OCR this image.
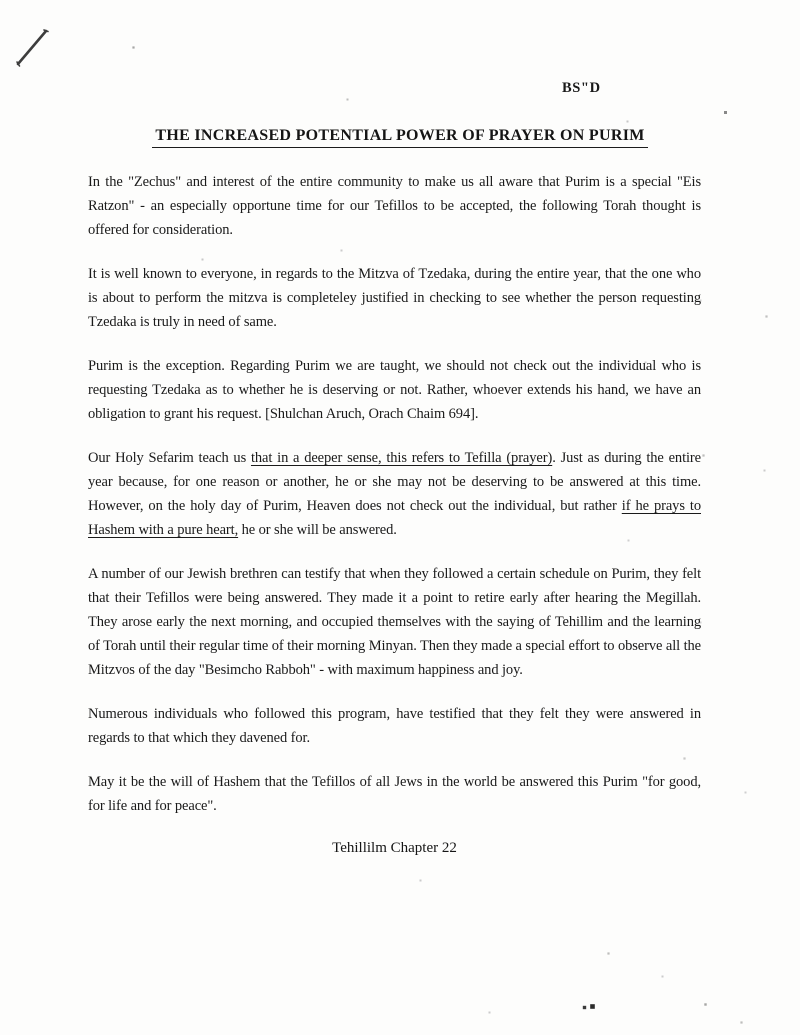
BS"D
THE INCREASED POTENTIAL POWER OF PRAYER ON PURIM

In the "Zechus" and interest of the entire community to make us all aware that Purim is a special "Eis Ratzon" - an especially opportune time for our Tefillos to be accepted, the following Torah thought is offered for consideration.

It is well known to everyone, in regards to the Mitzva of Tzedaka, during the entire year, that the one who is about to perform the mitzva is completeley justified in checking to see whether the person requesting Tzedaka is truly in need of same.

Purim is the exception. Regarding Purim we are taught, we should not check out the individual who is requesting Tzedaka as to whether he is deserving or not. Rather, whoever extends his hand, we have an obligation to grant his request. [Shulchan Aruch, Orach Chaim 694].

Our Holy Sefarim teach us that in a deeper sense, this refers to Tefilla (prayer). Just as during the entire year because, for one reason or another, he or she may not be deserving to be answered at this time. However, on the holy day of Purim, Heaven does not check out the individual, but rather if he prays to Hashem with a pure heart, he or she will be answered.

A number of our Jewish brethren can testify that when they followed a certain schedule on Purim, they felt that their Tefillos were being answered. They made it a point to retire early after hearing the Megillah. They arose early the next morning, and occupied themselves with the saying of Tehillim and the learning of Torah until their regular time of their morning Minyan. Then they made a special effort to observe all the Mitzvos of the day "Besimcho Rabboh" - with maximum happiness and joy.

Numerous individuals who followed this program, have testified that they felt they were answered in regards to that which they davened for.

May it be the will of Hashem that the Tefillos of all Jews in the world be answered this Purim "for good, for life and for peace".

Tehillilm Chapter 22
